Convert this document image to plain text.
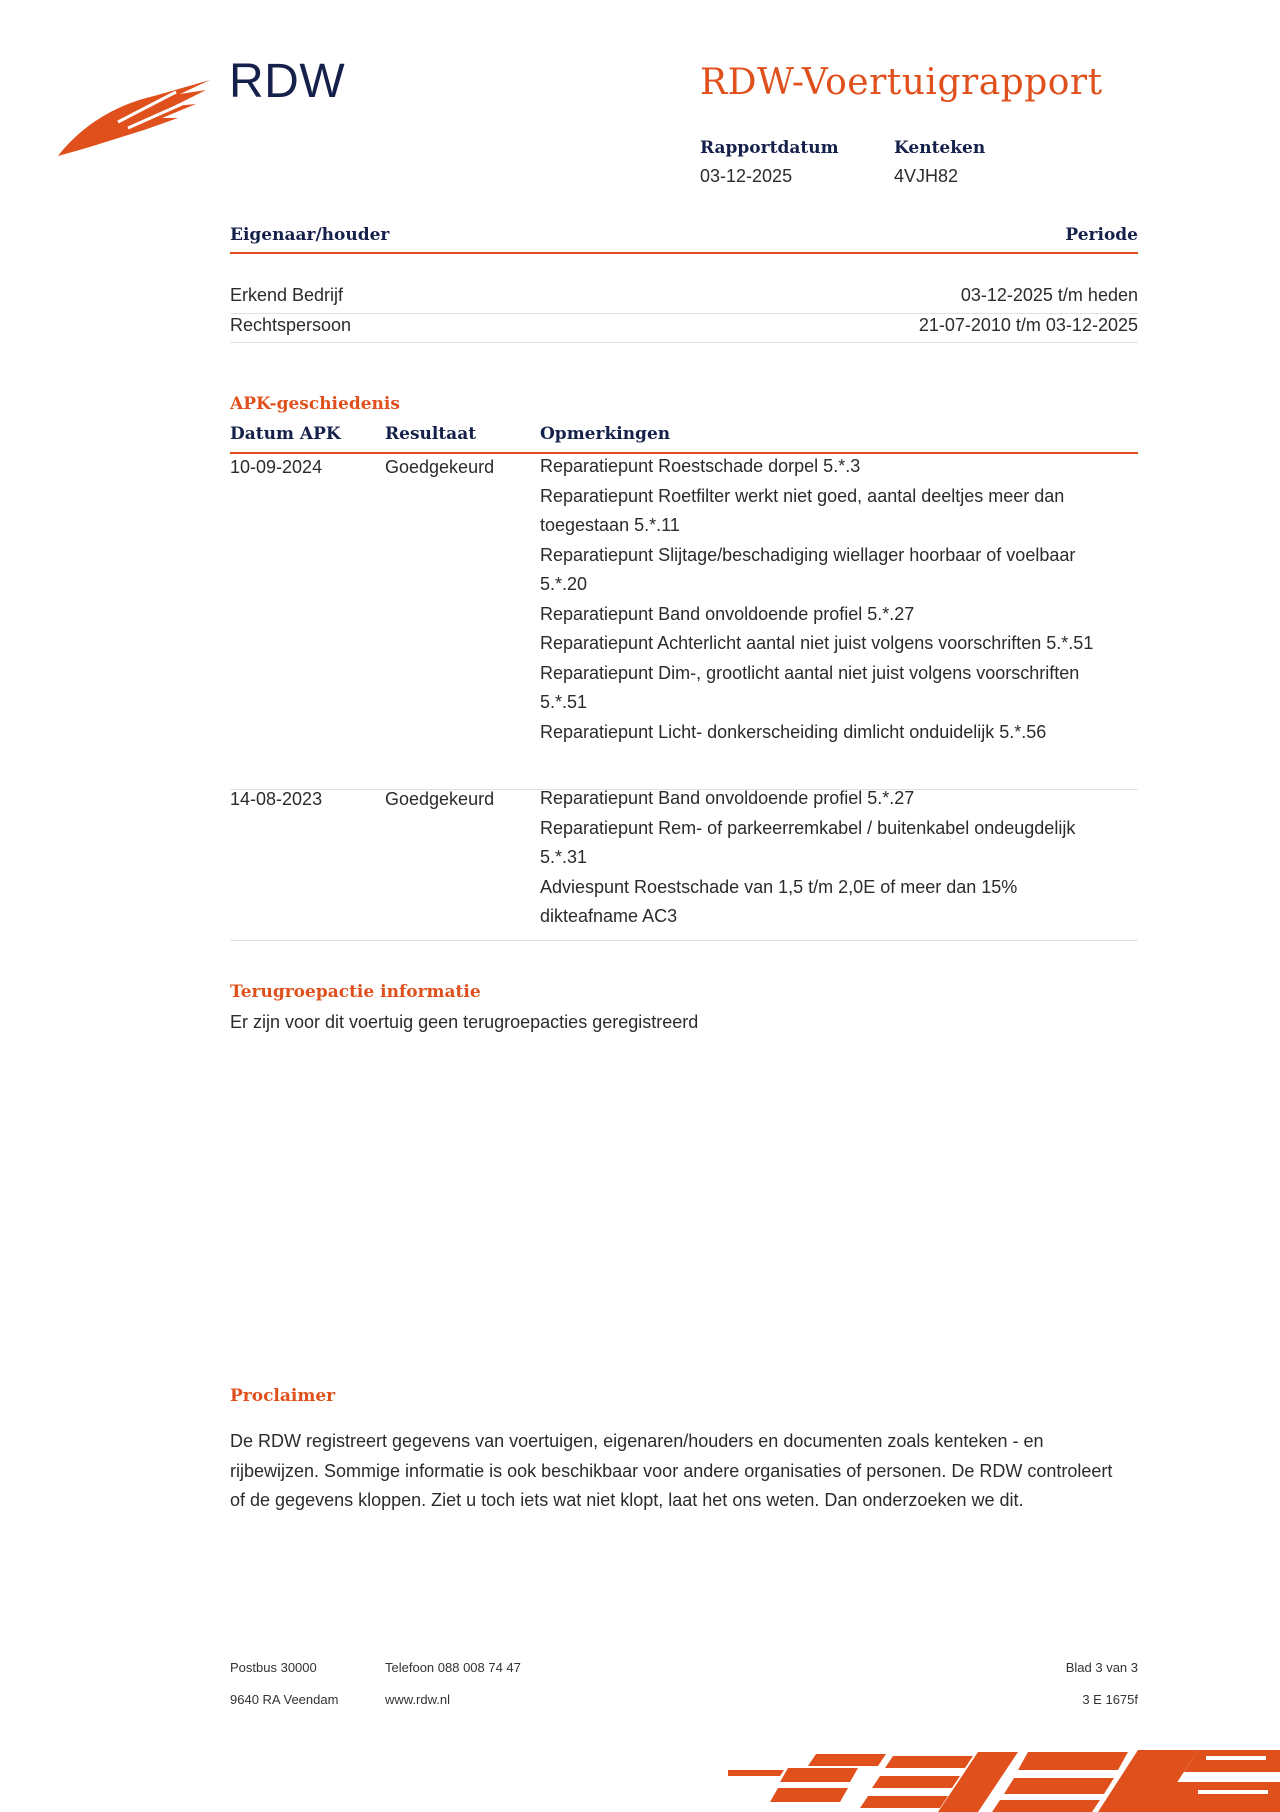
RDW	RDW-Voertuigrapport
Rapportdatum
03-12-2025
Kenteken
4VJH82
Eigenaar/houder	Periode
Erkend Bedrijf	03-12-2025 t/m heden
Rechtspersoon	21-07-2010 t/m 03-12-2025
APK-geschiedenis
Datum APK	Resultaat	Opmerkingen
10-09-2024	Goedgekeurd	Reparatiepunt Roestschade dorpel 5.*.3
Reparatiepunt Roetfilter werkt niet goed, aantal deeltjes meer dan toegestaan 5.*.11
Reparatiepunt Slijtage/beschadiging wiellager hoorbaar of voelbaar 5.*.20
Reparatiepunt Band onvoldoende profiel 5.*.27
Reparatiepunt Achterlicht aantal niet juist volgens voorschriften 5.*.51
Reparatiepunt Dim-, grootlicht aantal niet juist volgens voorschriften 5.*.51
Reparatiepunt Licht- donkerscheiding dimlicht onduidelijk 5.*.56
14-08-2023	Goedgekeurd	Reparatiepunt Band onvoldoende profiel 5.*.27
Reparatiepunt Rem- of parkeerremkabel / buitenkabel ondeugdelijk 5.*.31
Adviespunt Roestschade van 1,5 t/m 2,0E of meer dan 15% dikteafname AC3
Terugroepactie informatie
Er zijn voor dit voertuig geen terugroepacties geregistreerd
Proclaimer
De RDW registreert gegevens van voertuigen, eigenaren/houders en documenten zoals kenteken - en rijbewijzen. Sommige informatie is ook beschikbaar voor andere organisaties of personen. De RDW controleert of de gegevens kloppen. Ziet u toch iets wat niet klopt, laat het ons weten. Dan onderzoeken we dit.
Postbus 30000
9640 RA Veendam
Telefoon 088 008 74 47
www.rdw.nl
Blad 3 van 3
3 E 1675f
